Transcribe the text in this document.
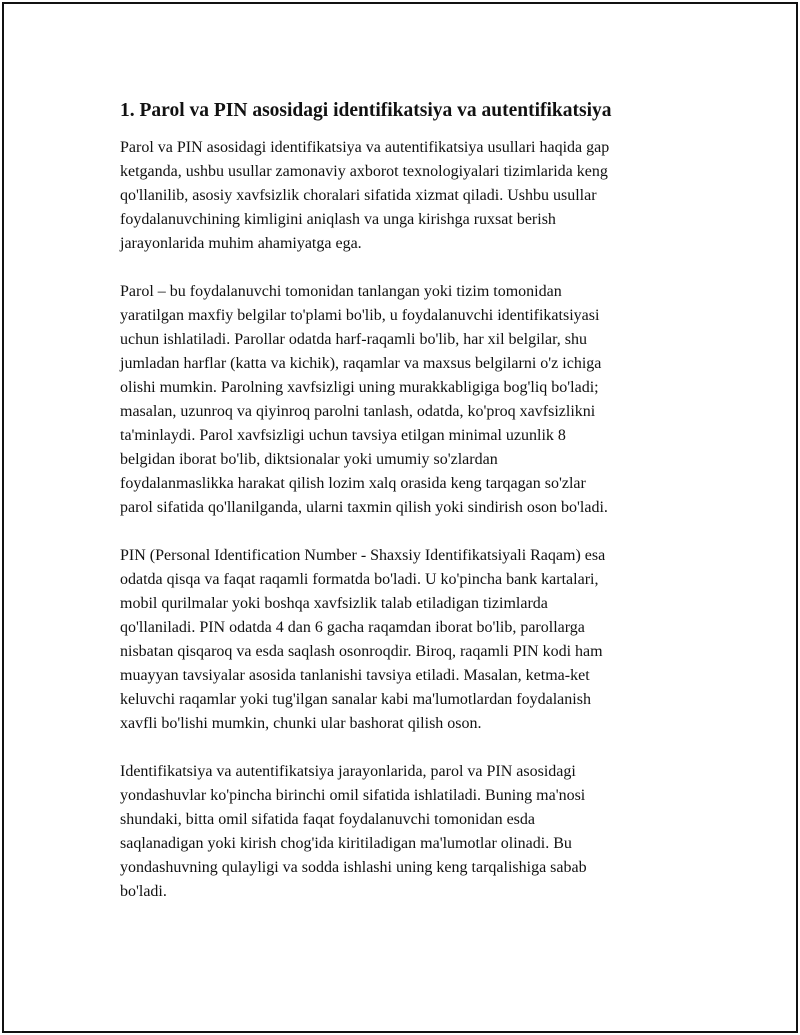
1. Parol va PIN asosidagi identifikatsiya va autentifikatsiya

Parol va PIN asosidagi identifikatsiya va autentifikatsiya usullari haqida gap
ketganda, ushbu usullar zamonaviy axborot texnologiyalari tizimlarida keng
qo'llanilib, asosiy xavfsizlik choralari sifatida xizmat qiladi. Ushbu usullar
foydalanuvchining kimligini aniqlash va unga kirishga ruxsat berish
jarayonlarida muhim ahamiyatga ega.

Parol – bu foydalanuvchi tomonidan tanlangan yoki tizim tomonidan
yaratilgan maxfiy belgilar to'plami bo'lib, u foydalanuvchi identifikatsiyasi
uchun ishlatiladi. Parollar odatda harf-raqamli bo'lib, har xil belgilar, shu
jumladan harflar (katta va kichik), raqamlar va maxsus belgilarni o'z ichiga
olishi mumkin. Parolning xavfsizligi uning murakkabligiga bog'liq bo'ladi;
masalan, uzunroq va qiyinroq parolni tanlash, odatda, ko'proq xavfsizlikni
ta'minlaydi. Parol xavfsizligi uchun tavsiya etilgan minimal uzunlik 8
belgidan iborat bo'lib, diktsionalar yoki umumiy so'zlardan
foydalanmaslikka harakat qilish lozim xalq orasida keng tarqagan so'zlar
parol sifatida qo'llanilganda, ularni taxmin qilish yoki sindirish oson bo'ladi.

PIN (Personal Identification Number - Shaxsiy Identifikatsiyali Raqam) esa
odatda qisqa va faqat raqamli formatda bo'ladi. U ko'pincha bank kartalari,
mobil qurilmalar yoki boshqa xavfsizlik talab etiladigan tizimlarda
qo'llaniladi. PIN odatda 4 dan 6 gacha raqamdan iborat bo'lib, parollarga
nisbatan qisqaroq va esda saqlash osonroqdir. Biroq, raqamli PIN kodi ham
muayyan tavsiyalar asosida tanlanishi tavsiya etiladi. Masalan, ketma-ket
keluvchi raqamlar yoki tug'ilgan sanalar kabi ma'lumotlardan foydalanish
xavfli bo'lishi mumkin, chunki ular bashorat qilish oson.

Identifikatsiya va autentifikatsiya jarayonlarida, parol va PIN asosidagi
yondashuvlar ko'pincha birinchi omil sifatida ishlatiladi. Buning ma'nosi
shundaki, bitta omil sifatida faqat foydalanuvchi tomonidan esda
saqlanadigan yoki kirish chog'ida kiritiladigan ma'lumotlar olinadi. Bu
yondashuvning qulayligi va sodda ishlashi uning keng tarqalishiga sabab
bo'ladi.
